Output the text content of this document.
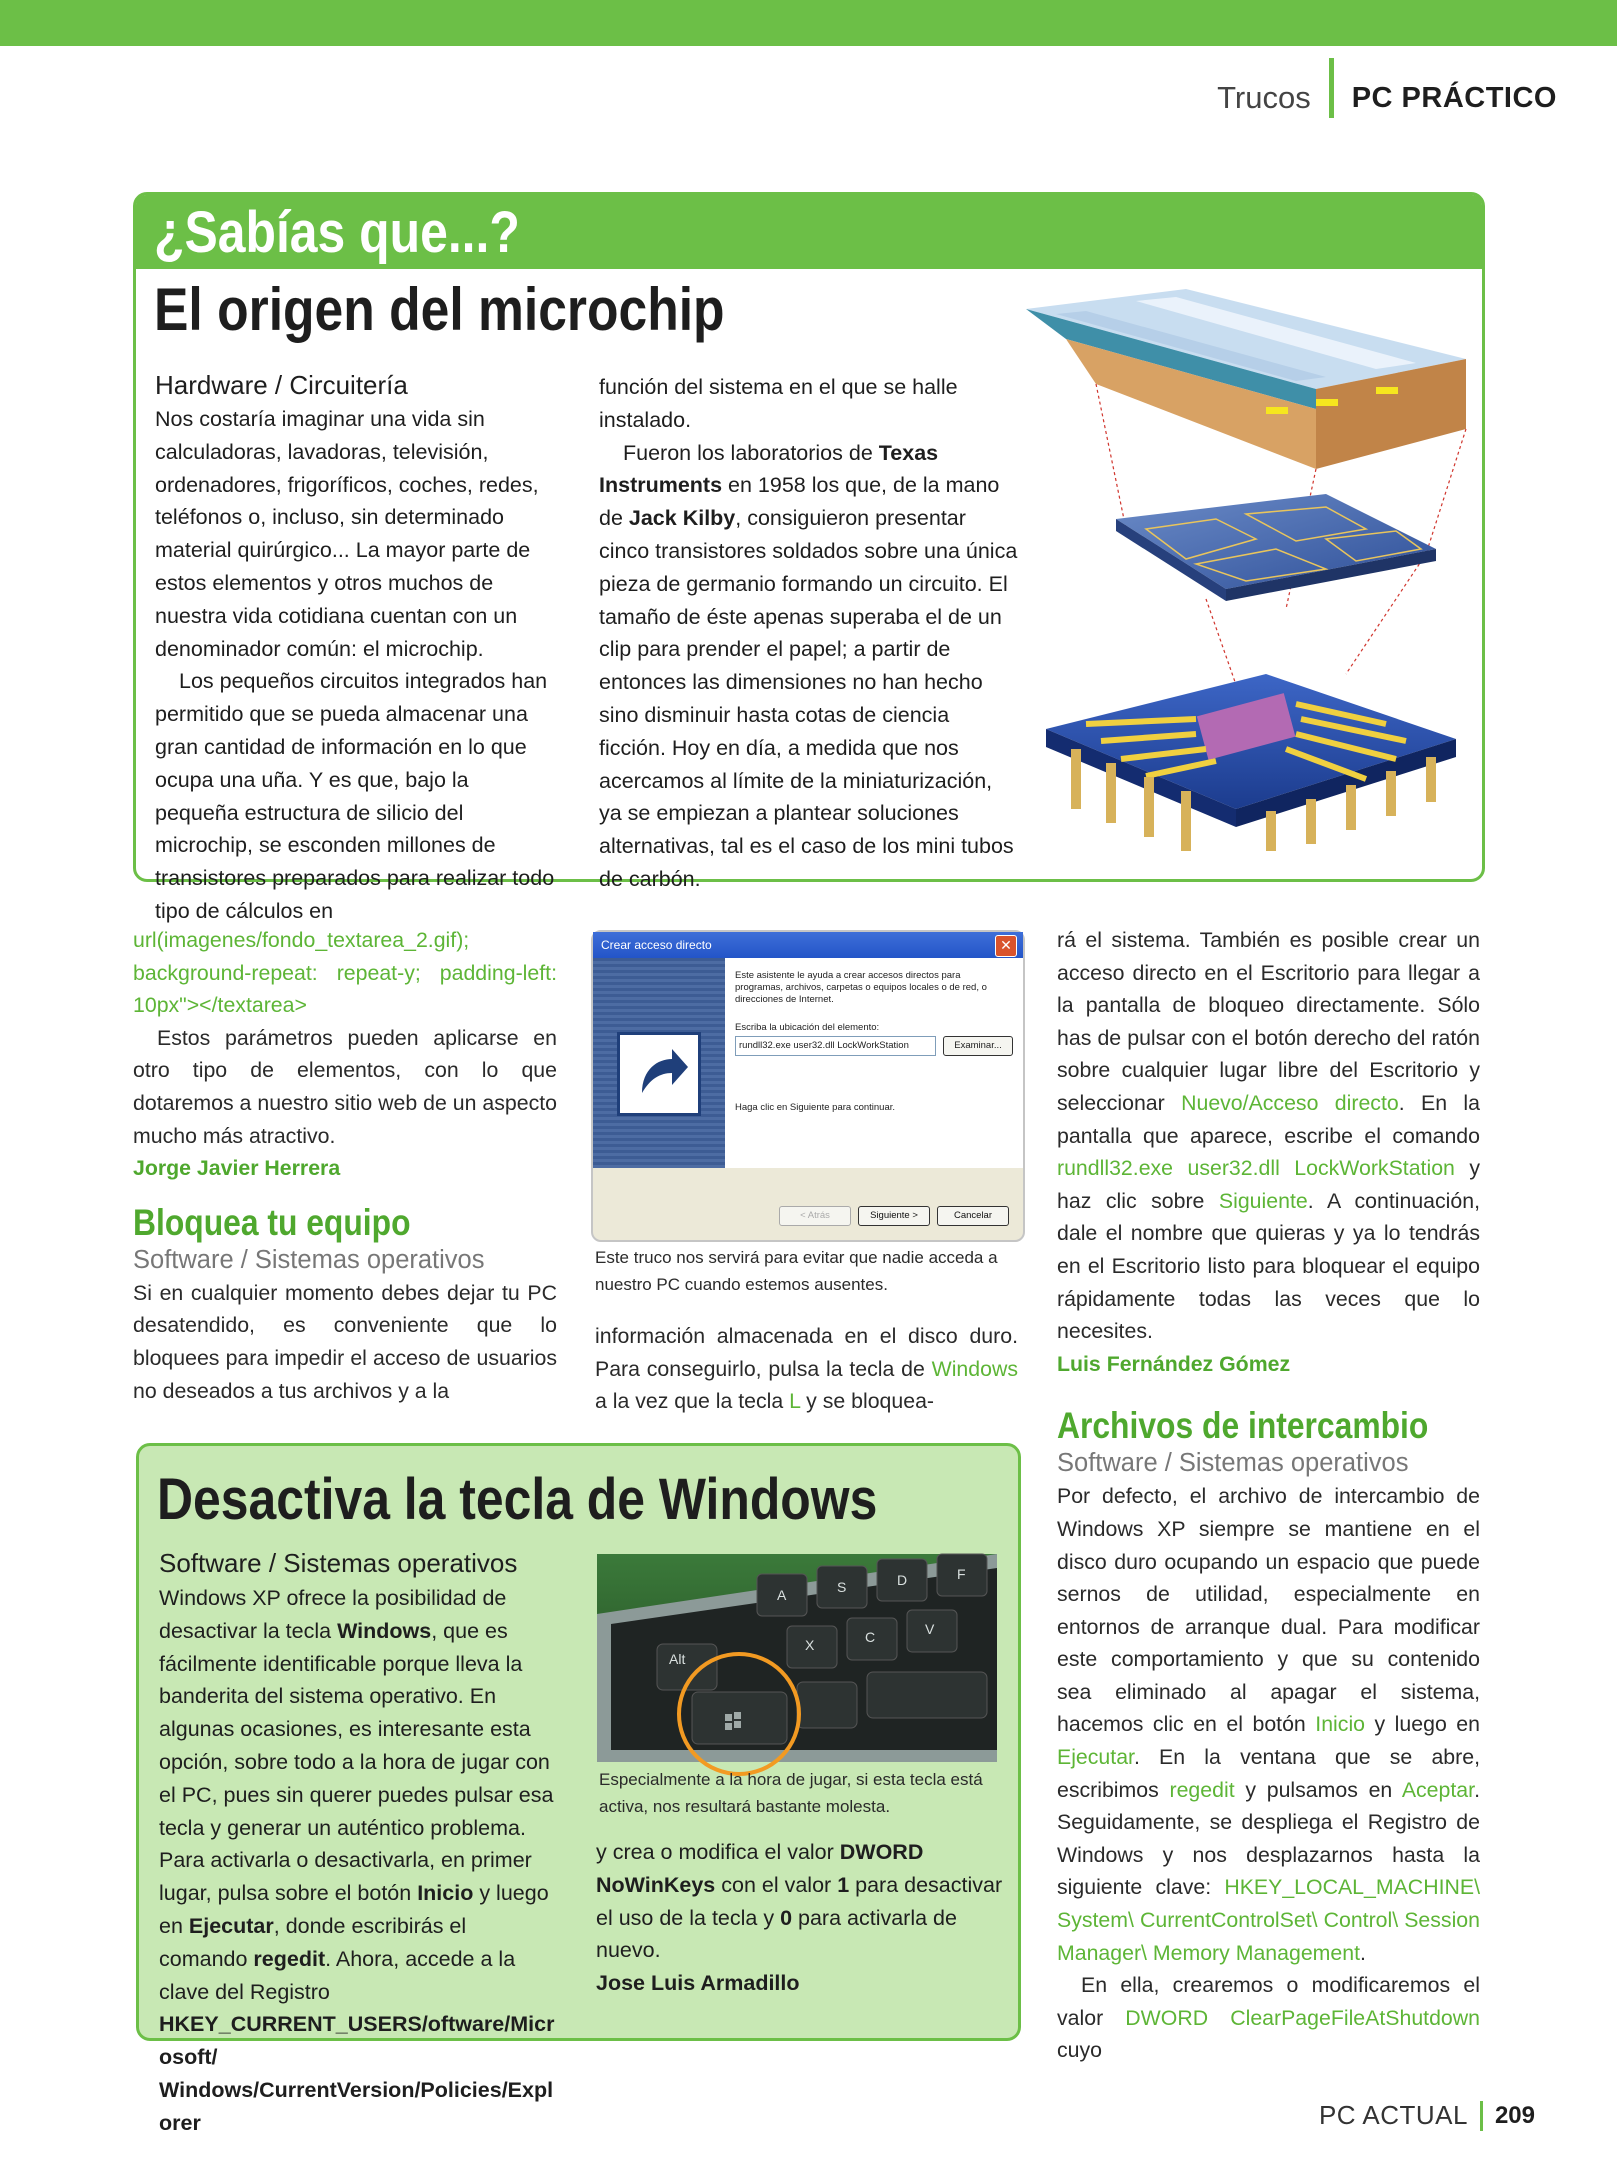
Trucos	PC PRÁCTICO
¿Sabías que...?
El origen del microchip
Hardware / Circuitería

Nos costaría imaginar una vida sin calculadoras, lavadoras, televisión, ordenadores, frigoríficos, coches, redes, teléfonos o, incluso, sin determinado material quirúrgico... La mayor parte de estos elementos y otros muchos de nuestra vida cotidiana cuentan con un denominador común: el microchip.

Los pequeños circuitos integrados han permitido que se pueda almacenar una gran cantidad de información en lo que ocupa una uña. Y es que, bajo la pequeña estructura de silicio del microchip, se esconden millones de transistores preparados para realizar todo tipo de cálculos en

función del sistema en el que se halle instalado.

Fueron los laboratorios de Texas Instruments en 1958 los que, de la mano de Jack Kilby, consiguieron presentar cinco transistores soldados sobre una única pieza de germanio formando un circuito. El tamaño de éste apenas superaba el de un clip para prender el papel; a partir de entonces las dimensiones no han hecho sino disminuir hasta cotas de ciencia ficción. Hoy en día, a medida que nos acercamos al límite de la miniaturización, ya se empiezan a plantear soluciones alternativas, tal es el caso de los mini tubos de carbón.

url(imagenes/fondo_textarea_2.gif); background-repeat: repeat-y; padding-left: 10px"></textarea>

Estos parámetros pueden aplicarse en otro tipo de elementos, con lo que dotaremos a nuestro sitio web de un aspecto mucho más atractivo.

Jorge Javier Herrera

Bloquea tu equipo
Software / Sistemas operativos

Si en cualquier momento debes dejar tu PC desatendido, es conveniente que lo bloquees para impedir el acceso de usuarios no deseados a tus archivos y a la

Crear acceso directo	✕
Este asistente le ayuda a crear accesos directos para programas, archivos, carpetas o equipos locales o de red, o direcciones de Internet.
Escriba la ubicación del elemento:
rundll32.exe user32.dll LockWorkStation	Examinar...
Haga clic en Siguiente para continuar.
< Atrás	Siguiente >	Cancelar
Este truco nos servirá para evitar que nadie acceda a nuestro PC cuando estemos ausentes.

información almacenada en el disco duro. Para conseguirlo, pulsa la tecla de Windows a la vez que la tecla L y se bloquea-

rá el sistema. También es posible crear un acceso directo en el Escritorio para llegar a la pantalla de bloqueo directamente. Sólo has de pulsar con el botón derecho del ratón sobre cualquier lugar libre del Escritorio y seleccionar Nuevo/Acceso directo. En la pantalla que aparece, escribe el comando rundll32.exe user32.dll LockWorkStation y haz clic sobre Siguiente. A continuación, dale el nombre que quieras y ya lo tendrás en el Escritorio listo para bloquear el equipo rápidamente todas las veces que lo necesites.

Luis Fernández Gómez

Archivos de intercambio
Software / Sistemas operativos

Por defecto, el archivo de intercambio de Windows XP siempre se mantiene en el disco duro ocupando un espacio que puede sernos de utilidad, especialmente en entornos de arranque dual. Para modificar este comportamiento y que su contenido sea eliminado al apagar el sistema, hacemos clic en el botón Inicio y luego en Ejecutar. En la ventana que se abre, escribimos regedit y pulsamos en Aceptar. Seguidamente, se despliega el Registro de Windows y nos desplazarnos hasta la siguiente clave: HKEY_LOCAL_MACHINE\ System\ CurrentControlSet\ Control\ Session Manager\ Memory Management.

En ella, crearemos o modificaremos el valor DWORD ClearPageFileAtShutdown cuyo

Desactiva la tecla de Windows
Software / Sistemas operativos

Windows XP ofrece la posibilidad de desactivar la tecla Windows, que es fácilmente identificable porque lleva la banderita del sistema operativo. En algunas ocasiones, es interesante esta opción, sobre todo a la hora de jugar con el PC, pues sin querer puedes pulsar esa tecla y generar un auténtico problema. Para activarla o desactivarla, en primer lugar, pulsa sobre el botón Inicio y luego en Ejecutar, donde escribirás el comando regedit. Ahora, accede a la clave del Registro HKEY_CURRENT_USERS/oftware/Microsoft/ Windows/CurrentVersion/Policies/Explorer

A	S	D	F
X	C	V
Alt
Especialmente a la hora de jugar, si esta tecla está activa, nos resultará bastante molesta.

y crea o modifica el valor DWORD NoWinKeys con el valor 1 para desactivar el uso de la tecla y 0 para activarla de nuevo.

Jose Luis Armadillo

PC ACTUAL 209
